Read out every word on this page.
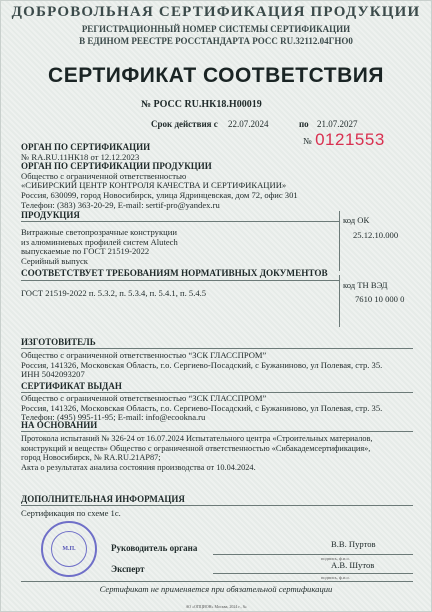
ДОБРОВОЛЬНАЯ СЕРТИФИКАЦИЯ ПРОДУКЦИИ
РЕГИСТРАЦИОННЫЙ НОМЕР СИСТЕМЫ СЕРТИФИКАЦИИ
В ЕДИНОМ РЕЕСТРЕ РОССТАНДАРТА РОСС RU.32112.04ГНО0
СЕРТИФИКАТ СООТВЕТСТВИЯ
№ РОСС RU.НК18.Н00019
Срок действия с 22.07.2024	по 21.07.2027
№ 0121553
ОРГАН ПО СЕРТИФИКАЦИИ
№ RA.RU.11НК18 от 12.12.2023
ОРГАН ПО СЕРТИФИКАЦИИ ПРОДУКЦИИ
Общество с ограниченной ответственностью
«СИБИРСКИЙ ЦЕНТР КОНТРОЛЯ КАЧЕСТВА И СЕРТИФИКАЦИИ»
Россия, 630099, город Новосибирск, улица Ядринцевская, дом 72, офис 301
Телефон: (383) 363-20-29, E-mail: sertif-pro@yandex.ru
ПРОДУКЦИЯ
Витражные светопрозрачные конструкции
из алюминиевых профилей систем Alutech
выпускаемые по ГОСТ 21519-2022
Серийный выпуск
код ОК
25.12.10.000
СООТВЕТСТВУЕТ ТРЕБОВАНИЯМ НОРМАТИВНЫХ ДОКУМЕНТОВ
ГОСТ 21519-2022 п. 5.3.2, п. 5.3.4, п. 5.4.1, п. 5.4.5
код ТН ВЭД
7610 10 000 0
ИЗГОТОВИТЕЛЬ
Общество с ограниченной ответственностью “ЗСК ГЛАССПРОМ”
Россия, 141326, Московская Область, г.о. Сергиево-Посадский, с Бужаниново, ул Полевая, стр. 35.
ИНН 5042093207
СЕРТИФИКАТ ВЫДАН
Общество с ограниченной ответственностью “ЗСК ГЛАССПРОМ”
Россия, 141326, Московская Область, г.о. Сергиево-Посадский, с Бужаниново, ул Полевая, стр. 35.
Телефон: (495) 995-11-95; E-mail: info@ecookna.ru
НА ОСНОВАНИИ
Протокола испытаний № 326-24 от 16.07.2024 Испытательного центра «Строительных материалов,
конструкций и веществ» Общество с ограниченной ответственностью «Сибакадемсертификация»,
город Новосибирск, № RA.RU.21АР87;
Акта о результатах анализа состояния производства от 10.04.2024.
ДОПОЛНИТЕЛЬНАЯ ИНФОРМАЦИЯ
Сертификация по схеме 1с.
М.П.	Руководитель органа	В.В. Пуртов
подпись, ф.и.о.
Эксперт	А.В. Шутов
подпись, ф.и.о.
Сертификат не применяется при обязательной сертификации
АО «ОПЦИОН» Москва, 2024 г., №
